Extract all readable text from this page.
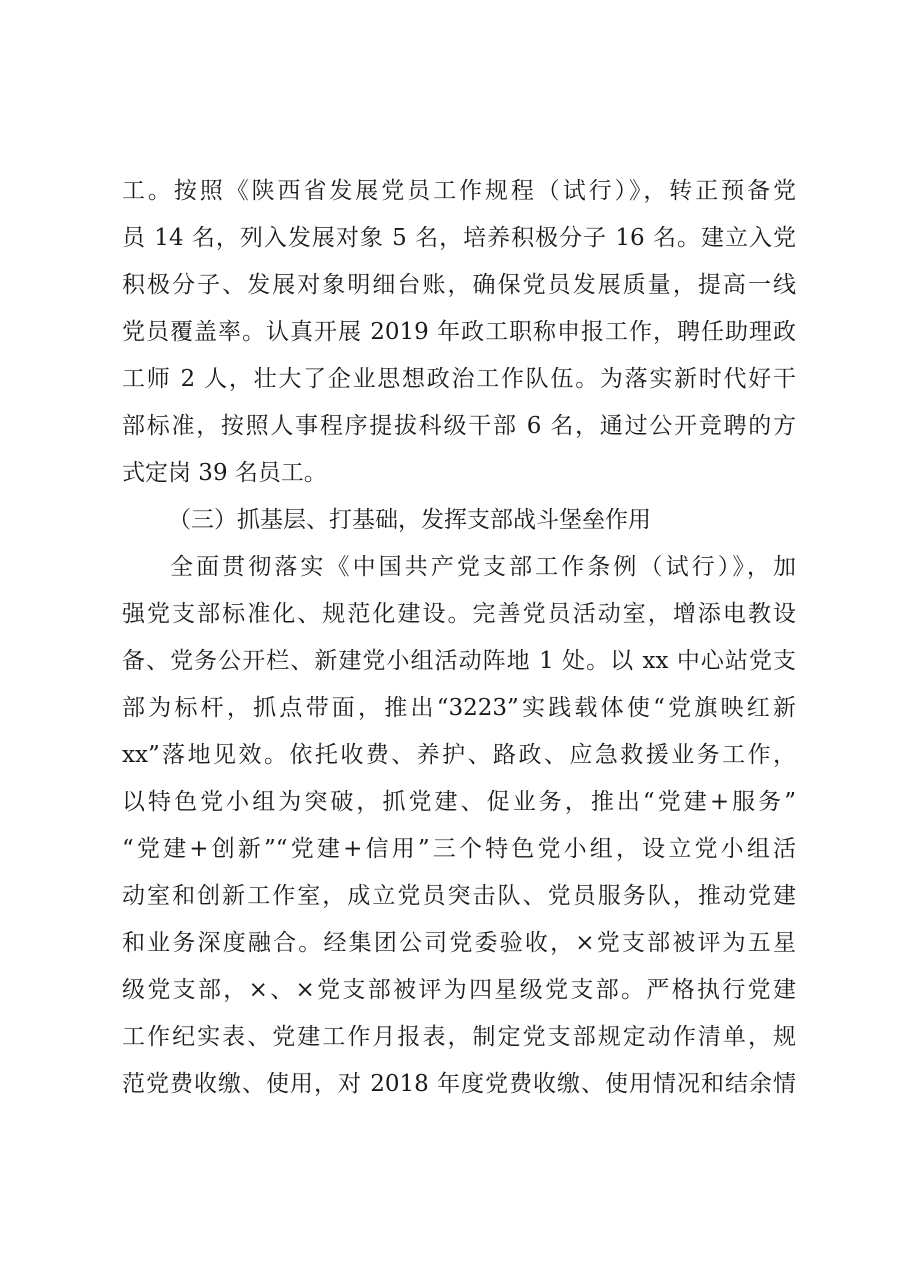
工。按照《陕西省发展党员工作规程（试行）》，转正预备党
员 14 名，列入发展对象 5 名，培养积极分子 16 名。建立入党
积极分子、发展对象明细台账，确保党员发展质量，提高一线
党员覆盖率。认真开展 2019 年政工职称申报工作，聘任助理政
工师 2 人，壮大了企业思想政治工作队伍。为落实新时代好干
部标准，按照人事程序提拔科级干部 6 名，通过公开竞聘的方
式定岗 39 名员工。
（三）抓基层、打基础，发挥支部战斗堡垒作用
全面贯彻落实《中国共产党支部工作条例（试行）》，加
强党支部标准化、规范化建设。完善党员活动室，增添电教设
备、党务公开栏、新建党小组活动阵地 1 处。以 xx 中心站党支
部为标杆，抓点带面，推出“3223”实践载体使“党旗映红新
xx”落地见效。依托收费、养护、路政、应急救援业务工作，
以特色党小组为突破，抓党建、促业务，推出“党建+服务”
“党建+创新”“党建+信用”三个特色党小组，设立党小组活
动室和创新工作室，成立党员突击队、党员服务队，推动党建
和业务深度融合。经集团公司党委验收，×党支部被评为五星
级党支部，×、×党支部被评为四星级党支部。严格执行党建
工作纪实表、党建工作月报表，制定党支部规定动作清单，规
范党费收缴、使用，对 2018 年度党费收缴、使用情况和结余情
